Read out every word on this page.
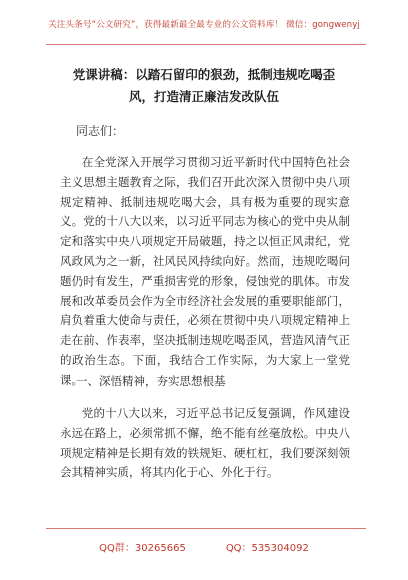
关注头条号“公文研究”，获得最新最全最专业的公文资料库！ 微信：gongwenyj
党课讲稿：以踏石留印的狠劲，抵制违规吃喝歪风，打造清正廉洁发改队伍
同志们：

在全党深入开展学习贯彻习近平新时代中国特色社会主义思想主题教育之际，我们召开此次深入贯彻中央八项规定精神、抵制违规吃喝大会，具有极为重要的现实意义。党的十八大以来，以习近平同志为核心的党中央从制定和落实中央八项规定开局破题，持之以恒正风肃纪，党风政风为之一新，社风民风持续向好。然而，违规吃喝问题仍时有发生，严重损害党的形象，侵蚀党的肌体。市发展和改革委员会作为全市经济社会发展的重要职能部门，肩负着重大使命与责任，必须在贯彻中央八项规定精神上走在前、作表率，坚决抵制违规吃喝歪风，营造风清气正的政治生态。下面，我结合工作实际，为大家上一堂党课。

一、深悟精神，夯实思想根基

党的十八大以来，习近平总书记反复强调，作风建设永远在路上，必须常抓不懈，绝不能有丝毫放松。中央八项规定精神是长期有效的铁规矩、硬杠杠，我们要深刻领会其精神实质，将其内化于心、外化于行。

QQ群：30265665	QQ：535304092
